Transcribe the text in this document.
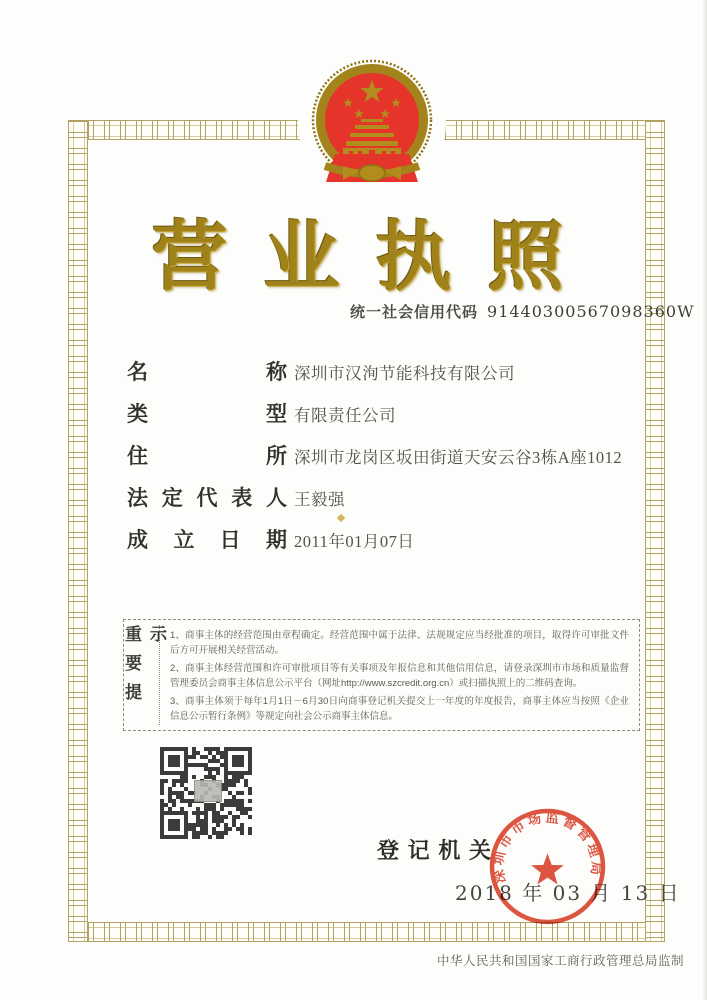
营业执照
统一社会信用代码 91440300567098360W
名称 深圳市汉洵节能科技有限公司
类型 有限责任公司
住所 深圳市龙岗区坂田街道天安云谷3栋A座1012
法定代表人 王毅强
成立日期 2011年01月07日
重要提示 1、商事主体的经营范围由章程确定。经营范围中属于法律、法规规定应当经批准的项目，取得许可审批文件后方可开展相关经营活动。

2、商事主体经营范围和许可审批项目等有关事项及年报信息和其他信用信息，请登录深圳市市场和质量监督管理委员会商事主体信息公示平台（网址http://www.szcredit.org.cn）或扫描执照上的二维码查询。

3、商事主体须于每年1月1日－6月30日向商事登记机关提交上一年度的年度报告，商事主体应当按照《企业信息公示暂行条例》等规定向社会公示商事主体信息。

登记机关
2018 年 03 月 13 日
深圳市市场监督管理局
中华人民共和国国家工商行政管理总局监制
